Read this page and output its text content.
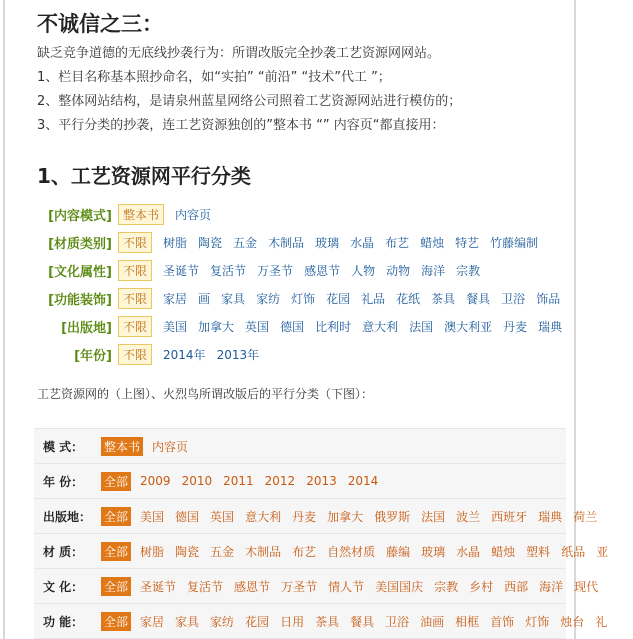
不诚信之三：

缺乏竞争道德的无底线抄袭行为：所谓改版完全抄袭工艺资源网网站。

1、栏目名称基本照抄命名，如“实拍” “前沿” “技术”代工 ”；

2、整体网站结构，是请泉州蓝星网络公司照着工艺资源网站进行模仿的；

3、平行分类的抄袭，连工艺资源独创的”整本书 “” 内容页“都直接用：

1、工艺资源网平行分类
[内容模式] 整本书	内容页
[材质类别] 不限	树脂 陶瓷 五金 木制品 玻璃 水晶 布艺 蜡烛 特艺 竹藤编制
[文化属性] 不限	圣诞节 复活节 万圣节 感恩节 人物 动物 海洋 宗教
[功能装饰] 不限	家居 画 家具 家纺 灯饰 花园 礼品 花纸 茶具 餐具 卫浴 饰品
[出版地] 不限	美国 加拿大 英国 德国 比利时 意大利 法国 澳大利亚 丹麦 瑞典
[年份] 不限	2014年 2013年

工艺资源网的（上图）、火烈鸟所谓改版后的平行分类（下图）：

模 式：	整本书 内容页
年 份：	全部 2009 2010 2011 2012 2013 2014
出版地：	全部 美国 德国 英国 意大利 丹麦 加拿大 俄罗斯 法国 波兰 西班牙 瑞典 荷兰
材 质：	全部 树脂 陶瓷 五金 木制品 布艺 自然材质 藤编 玻璃 水晶 蜡烛 塑料 纸品 亚
文 化：	全部 圣诞节 复活节 感恩节 万圣节 情人节 美国国庆 宗教 乡村 西部 海洋 现代
功 能：	全部 家居 家具 家纺 花园 日用 茶具 餐具 卫浴 油画 相框 首饰 灯饰 烛台 礼
